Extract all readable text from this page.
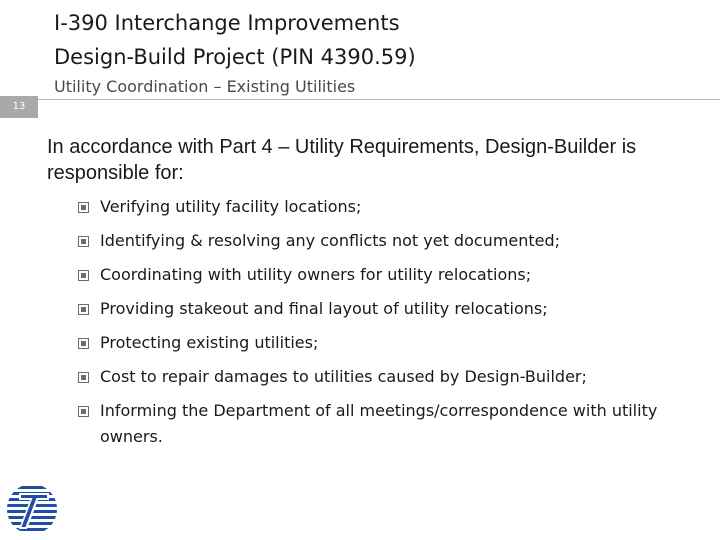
I-390 Interchange Improvements
Design-Build Project (PIN 4390.59)
Utility Coordination – Existing Utilities
13
In accordance with Part 4 – Utility Requirements, Design-Builder is responsible for:
Verifying utility facility locations;
Identifying & resolving any conflicts not yet documented;
Coordinating with utility owners for utility relocations;
Providing stakeout and final layout of utility relocations;
Protecting existing utilities;
Cost to repair damages to utilities caused by Design-Builder;
Informing the Department of all meetings/correspondence with utility owners.
